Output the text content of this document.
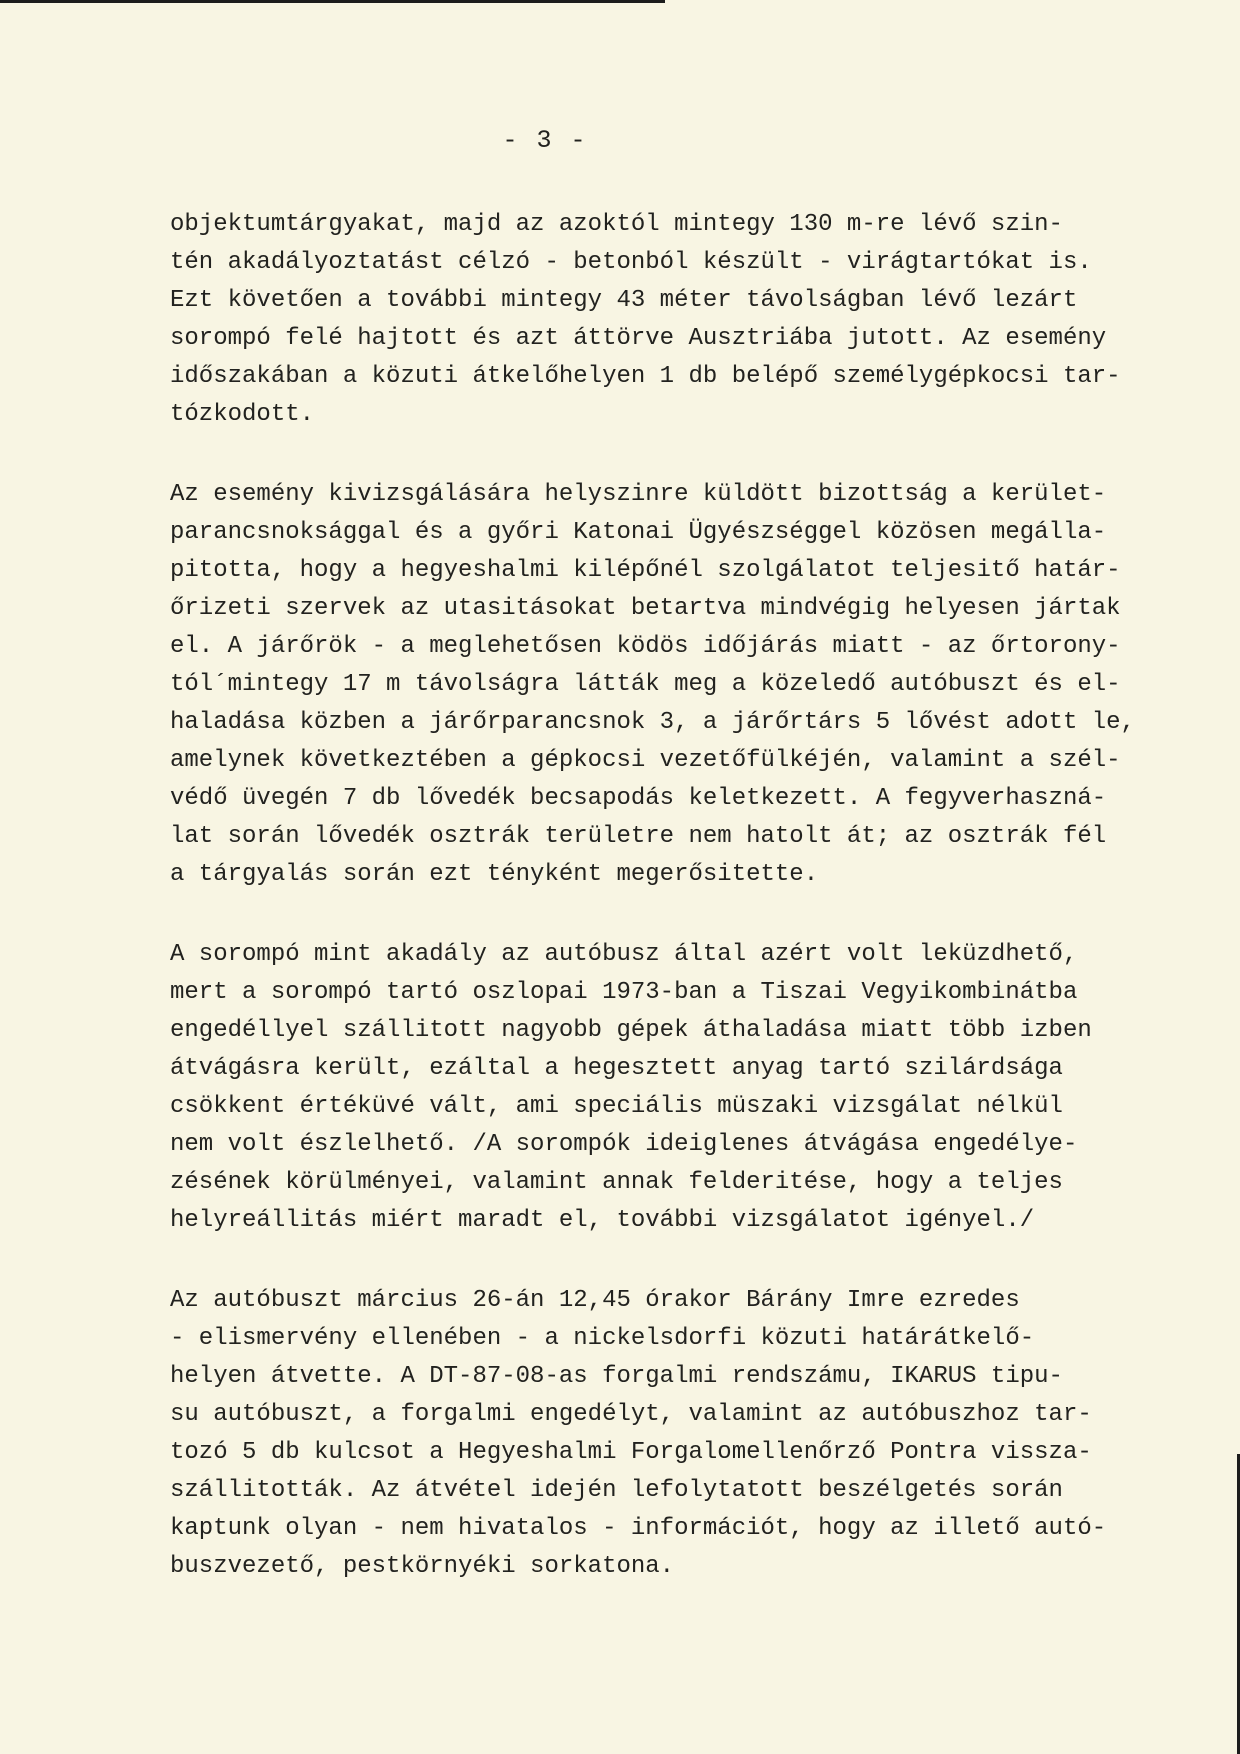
- 3 -
objektumtárgyakat, majd az azoktól mintegy 130 m-re lévő szin-
tén akadályoztatást célzó - betonból készült - virágtartókat is.
Ezt követően a további mintegy 43 méter távolságban lévő lezárt
sorompó felé hajtott és azt áttörve Ausztriába jutott. Az esemény
időszakában a közuti átkelőhelyen 1 db belépő személygépkocsi tar-
tózkodott.
Az esemény kivizsgálására helyszinre küldött bizottság a kerület-
parancsnoksággal és a győri Katonai Ügyészséggel közösen megálla-
pitotta, hogy a hegyeshalmi kilépőnél szolgálatot teljesitő határ-
őrizeti szervek az utasitásokat betartva mindvégig helyesen jártak
el. A járőrök - a meglehetősen ködös időjárás miatt - az őrtorony-
tól´mintegy 17 m távolságra látták meg a közeledő autóbuszt és el-
haladása közben a járőrparancsnok 3, a járőrtárs 5 lővést adott le,
amelynek következtében a gépkocsi vezetőfülkéjén, valamint a szél-
védő üvegén 7 db lővedék becsapodás keletkezett. A fegyverhaszná-
lat során lővedék osztrák területre nem hatolt át; az osztrák fél
a tárgyalás során ezt tényként megerősitette.
A sorompó mint akadály az autóbusz által azért volt leküzdhető,
mert a sorompó tartó oszlopai 1973-ban a Tiszai Vegyikombinátba
engedéllyel szállitott nagyobb gépek áthaladása miatt több izben
átvágásra került, ezáltal a hegesztett anyag tartó szilárdsága
csökkent értéküvé vált, ami speciális müszaki vizsgálat nélkül
nem volt észlelhető. /A sorompók ideiglenes átvágása engedélye-
zésének körülményei, valamint annak felderitése, hogy a teljes
helyreállitás miért maradt el, további vizsgálatot igényel./
Az autóbuszt március 26-án 12,45 órakor Bárány Imre ezredes
- elismervény ellenében - a nickelsdorfi közuti határátkelő-
helyen átvette. A DT-87-08-as forgalmi rendszámu, IKARUS tipu-
su autóbuszt, a forgalmi engedélyt, valamint az autóbuszhoz tar-
tozó 5 db kulcsot a Hegyeshalmi Forgalomellenőrző Pontra vissza-
szállitották. Az átvétel idején lefolytatott beszélgetés során
kaptunk olyan - nem hivatalos - információt, hogy az illető autó-
buszvezető, pestkörnyéki sorkatona.
